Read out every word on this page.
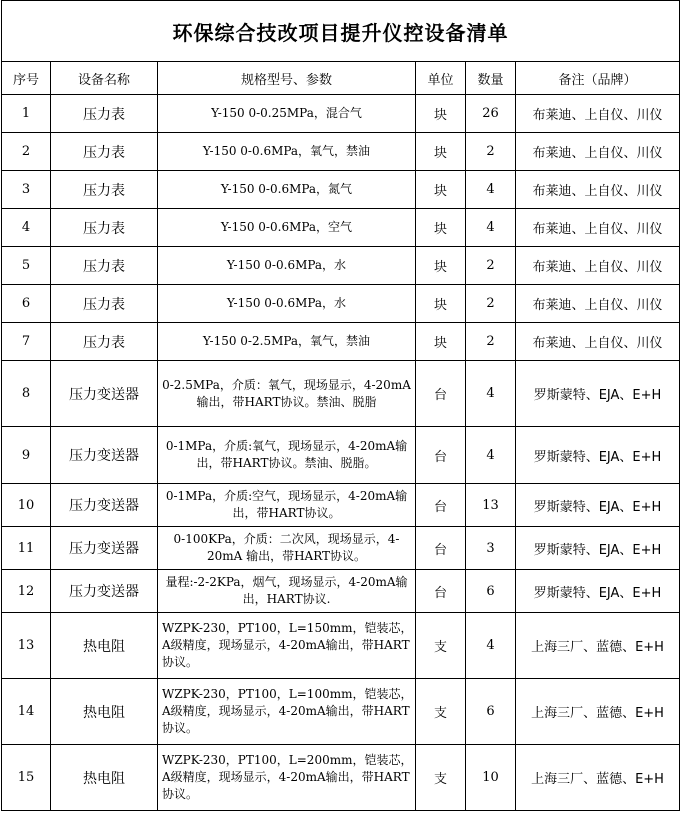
环保综合技改项目提升仪控设备清单					
序号	设备名称	规格型号、参数	单位	数量	备注（品牌）
1	压力表	Y-150 0-0.25MPa，混合气	块	26	布莱迪、上自仪、川仪
2	压力表	Y-150 0-0.6MPa，氧气，禁油	块	2	布莱迪、上自仪、川仪
3	压力表	Y-150 0-0.6MPa，氮气	块	4	布莱迪、上自仪、川仪
4	压力表	Y-150 0-0.6MPa，空气	块	4	布莱迪、上自仪、川仪
5	压力表	Y-150 0-0.6MPa，水	块	2	布莱迪、上自仪、川仪
6	压力表	Y-150 0-0.6MPa，水	块	2	布莱迪、上自仪、川仪
7	压力表	Y-150 0-2.5MPa，氧气，禁油	块	2	布莱迪、上自仪、川仪
8	压力变送器	0-2.5MPa，介质：氧气，现场显示，4-20mA输出，带HART协议。禁油、脱脂	台	4	罗斯蒙特、EJA、E+H
9	压力变送器	0-1MPa，介质:氧气，现场显示，4-20mA输出，带HART协议。禁油、脱脂。	台	4	罗斯蒙特、EJA、E+H
10	压力变送器	0-1MPa，介质:空气，现场显示，4-20mA输出，带HART协议。	台	13	罗斯蒙特、EJA、E+H
11	压力变送器	0-100KPa，介质：二次风，现场显示，4-20mA 输出，带HART协议。	台	3	罗斯蒙特、EJA、E+H
12	压力变送器	量程:-2-2KPa，烟气，现场显示，4-20mA输出，HART协议.	台	6	罗斯蒙特、EJA、E+H
13	热电阻	WZPK-230，PT100，L=150mm，铠装芯，A级精度，现场显示，4-20mA输出，带HART协议。	支	4	上海三厂、蓝德、E+H
14	热电阻	WZPK-230，PT100，L=100mm，铠装芯，A级精度，现场显示，4-20mA输出，带HART协议。	支	6	上海三厂、蓝德、E+H
15	热电阻	WZPK-230，PT100，L=200mm，铠装芯，A级精度，现场显示，4-20mA输出，带HART协议。	支	10	上海三厂、蓝德、E+H
